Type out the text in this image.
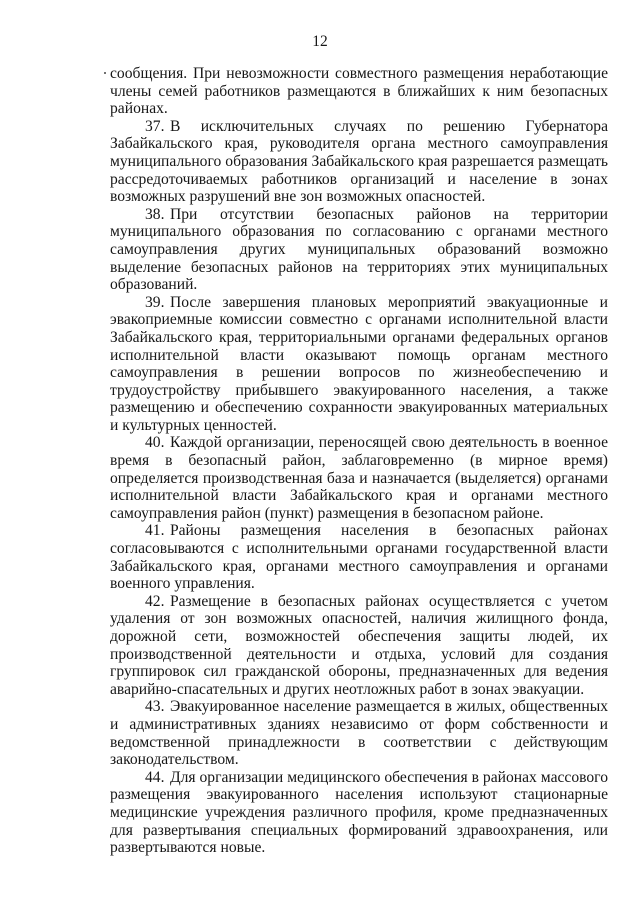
12

сообщения. При невозможности совместного размещения неработающие члены семей работников размещаются в ближайших к ним безопасных районах.

37. В исключительных случаях по решению Губернатора Забайкальского края, руководителя органа местного самоуправления муниципального образования Забайкальского края разрешается размещать рассредоточиваемых работников организаций и население в зонах возможных разрушений вне зон возможных опасностей.

38. При отсутствии безопасных районов на территории муниципального образования по согласованию с органами местного самоуправления других муниципальных образований возможно выделение безопасных районов на территориях этих муниципальных образований.

39. После завершения плановых мероприятий эвакуационные и эвакоприемные комиссии совместно с органами исполнительной власти Забайкальского края, территориальными органами федеральных органов исполнительной власти оказывают помощь органам местного самоуправления в решении вопросов по жизнеобеспечению и трудоустройству прибывшего эвакуированного населения, а также размещению и обеспечению сохранности эвакуированных материальных и культурных ценностей.

40. Каждой организации, переносящей свою деятельность в военное время в безопасный район, заблаговременно (в мирное время) определяется производственная база и назначается (выделяется) органами исполнительной власти Забайкальского края и органами местного самоуправления район (пункт) размещения в безопасном районе.

41. Районы размещения населения в безопасных районах согласовываются с исполнительными органами государственной власти Забайкальского края, органами местного самоуправления и органами военного управления.

42. Размещение в безопасных районах осуществляется с учетом удаления от зон возможных опасностей, наличия жилищного фонда, дорожной сети, возможностей обеспечения защиты людей, их производственной деятельности и отдыха, условий для создания группировок сил гражданской обороны, предназначенных для ведения аварийно-спасательных и других неотложных работ в зонах эвакуации.

43. Эвакуированное население размещается в жилых, общественных и административных зданиях независимо от форм собственности и ведомственной принадлежности в соответствии с действующим законодательством.

44. Для организации медицинского обеспечения в районах массового размещения эвакуированного населения используют стационарные медицинские учреждения различного профиля, кроме предназначенных для развертывания специальных формирований здравоохранения, или развертываются новые.
